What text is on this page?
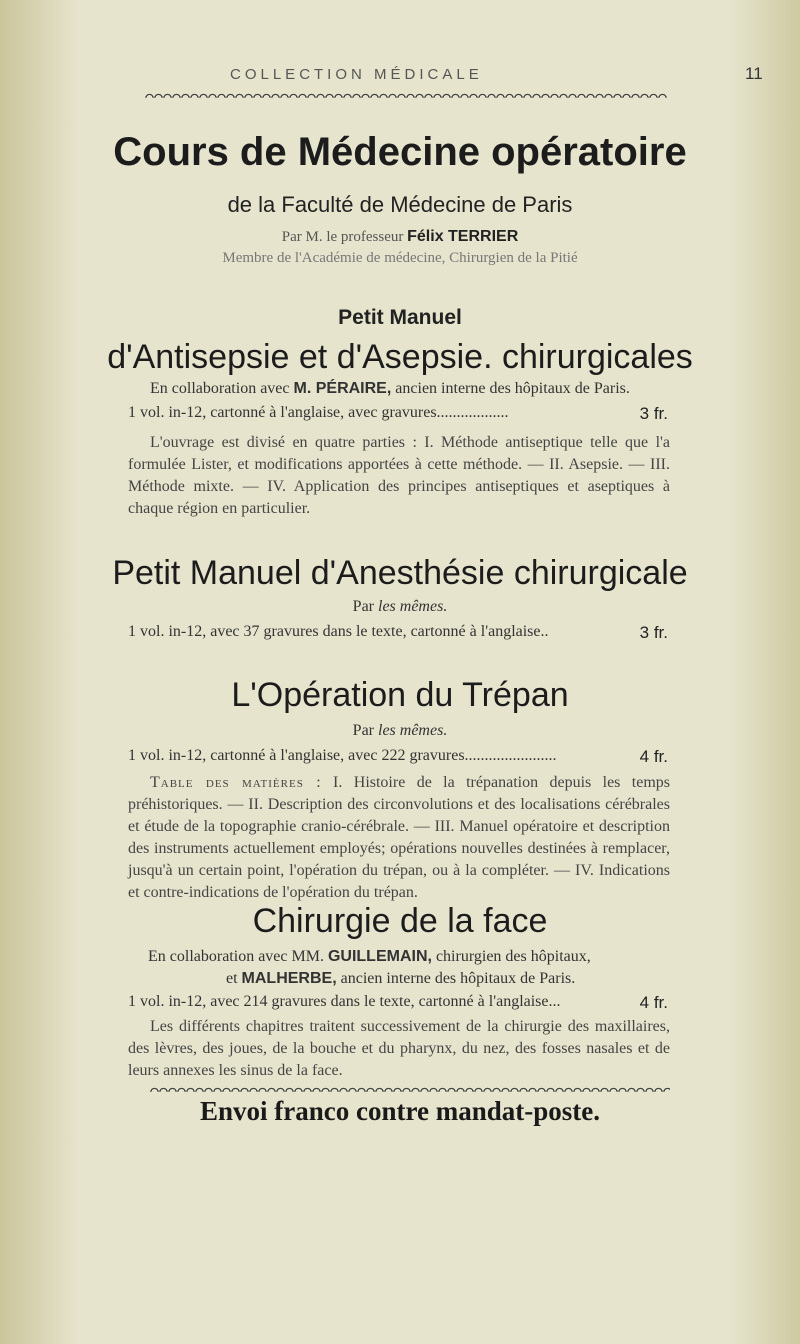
COLLECTION MÉDICALE	11
Cours de Médecine opératoire
de la Faculté de Médecine de Paris
Par M. le professeur Félix TERRIER
Membre de l'Académie de médecine, Chirurgien de la Pitié
Petit Manuel
d'Antisepsie et d'Asepsie. chirurgicales
En collaboration avec M. PÉRAIRE, ancien interne des hôpitaux de Paris.
1 vol. in-12, cartonné à l'anglaise, avec gravures..................	3 fr.
L'ouvrage est divisé en quatre parties : I. Méthode antiseptique telle que l'a formulée Lister, et modifications apportées à cette méthode. — II. Asepsie. — III. Méthode mixte. — IV. Application des principes antiseptiques et aseptiques à chaque région en particulier.
Petit Manuel d'Anesthésie chirurgicale
Par les mêmes.
1 vol. in-12, avec 37 gravures dans le texte, cartonné à l'anglaise..	3 fr.
L'Opération du Trépan
Par les mêmes.
1 vol. in-12, cartonné à l'anglaise, avec 222 gravures.......................	4 fr.
Table des matières : I. Histoire de la trépanation depuis les temps préhistoriques. — II. Description des circonvolutions et des localisations cérébrales et étude de la topographie cranio-cérébrale. — III. Manuel opératoire et description des instruments actuellement employés; opérations nouvelles destinées à remplacer, jusqu'à un certain point, l'opération du trépan, ou à la compléter. — IV. Indications et contre-indications de l'opération du trépan.
Chirurgie de la face
En collaboration avec MM. GUILLEMAIN, chirurgien des hôpitaux,
et MALHERBE, ancien interne des hôpitaux de Paris.
1 vol. in-12, avec 214 gravures dans le texte, cartonné à l'anglaise...	4 fr.
Les différents chapitres traitent successivement de la chirurgie des maxillaires, des lèvres, des joues, de la bouche et du pharynx, du nez, des fosses nasales et de leurs annexes les sinus de la face.
Envoi franco contre mandat-poste.
